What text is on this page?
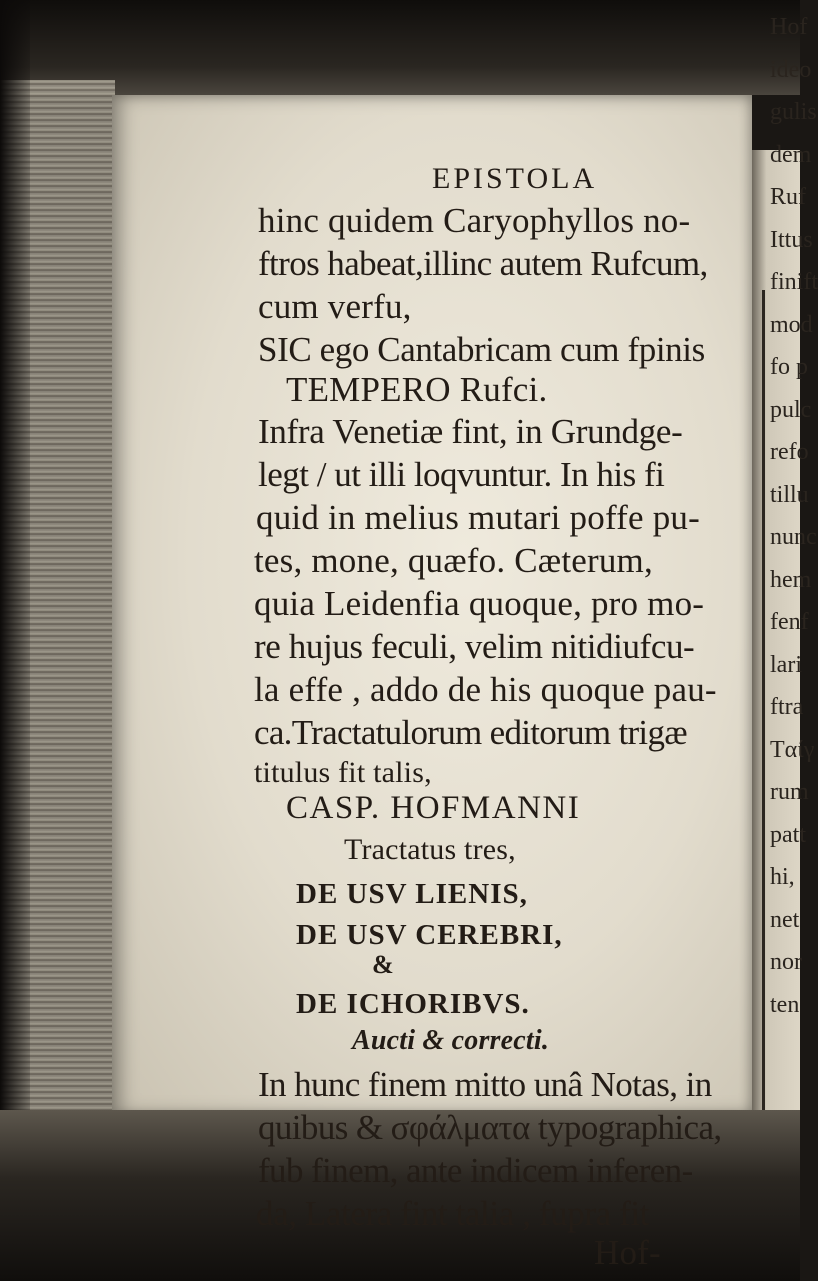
Hof
ideo
gulis
dem
Ruf
Ittus
finift
mod
fo p
pulc
refo
tillu
nunc
hem
fenf
lari
ftra
Tαίγ
rum
patt
hi,
net
nor
ten
EPISTOLA
hinc quidem Caryophyllos no-
ftros habeat,illinc autem Rufcum,
cum verfu,
SIC ego Cantabricam cum fpinis
TEMPERO Rufci.
Infra Venetiæ fint, in Grundge-
legt / ut illi loqvuntur. In his fi
quid in melius mutari poffe pu-
tes, mone, quæfo. Cæterum,
quia Leidenfia quoque, pro mo-
re hujus feculi, velim nitidiufcu-
la effe , addo de his quoque pau-
ca.Tractatulorum editorum trigæ
titulus fit talis,
CASP. HOFMANNI
Tractatus tres,
DE USV LIENIS,
DE USV CEREBRI,
&
DE ICHORIBVS.
Aucti & correcti.
In hunc finem mitto unâ Notas, in
quibus & σφάλματα typographica,
fub finem, ante indicem inferen-
da, Latera fint talia , fupra fit
Hof-
